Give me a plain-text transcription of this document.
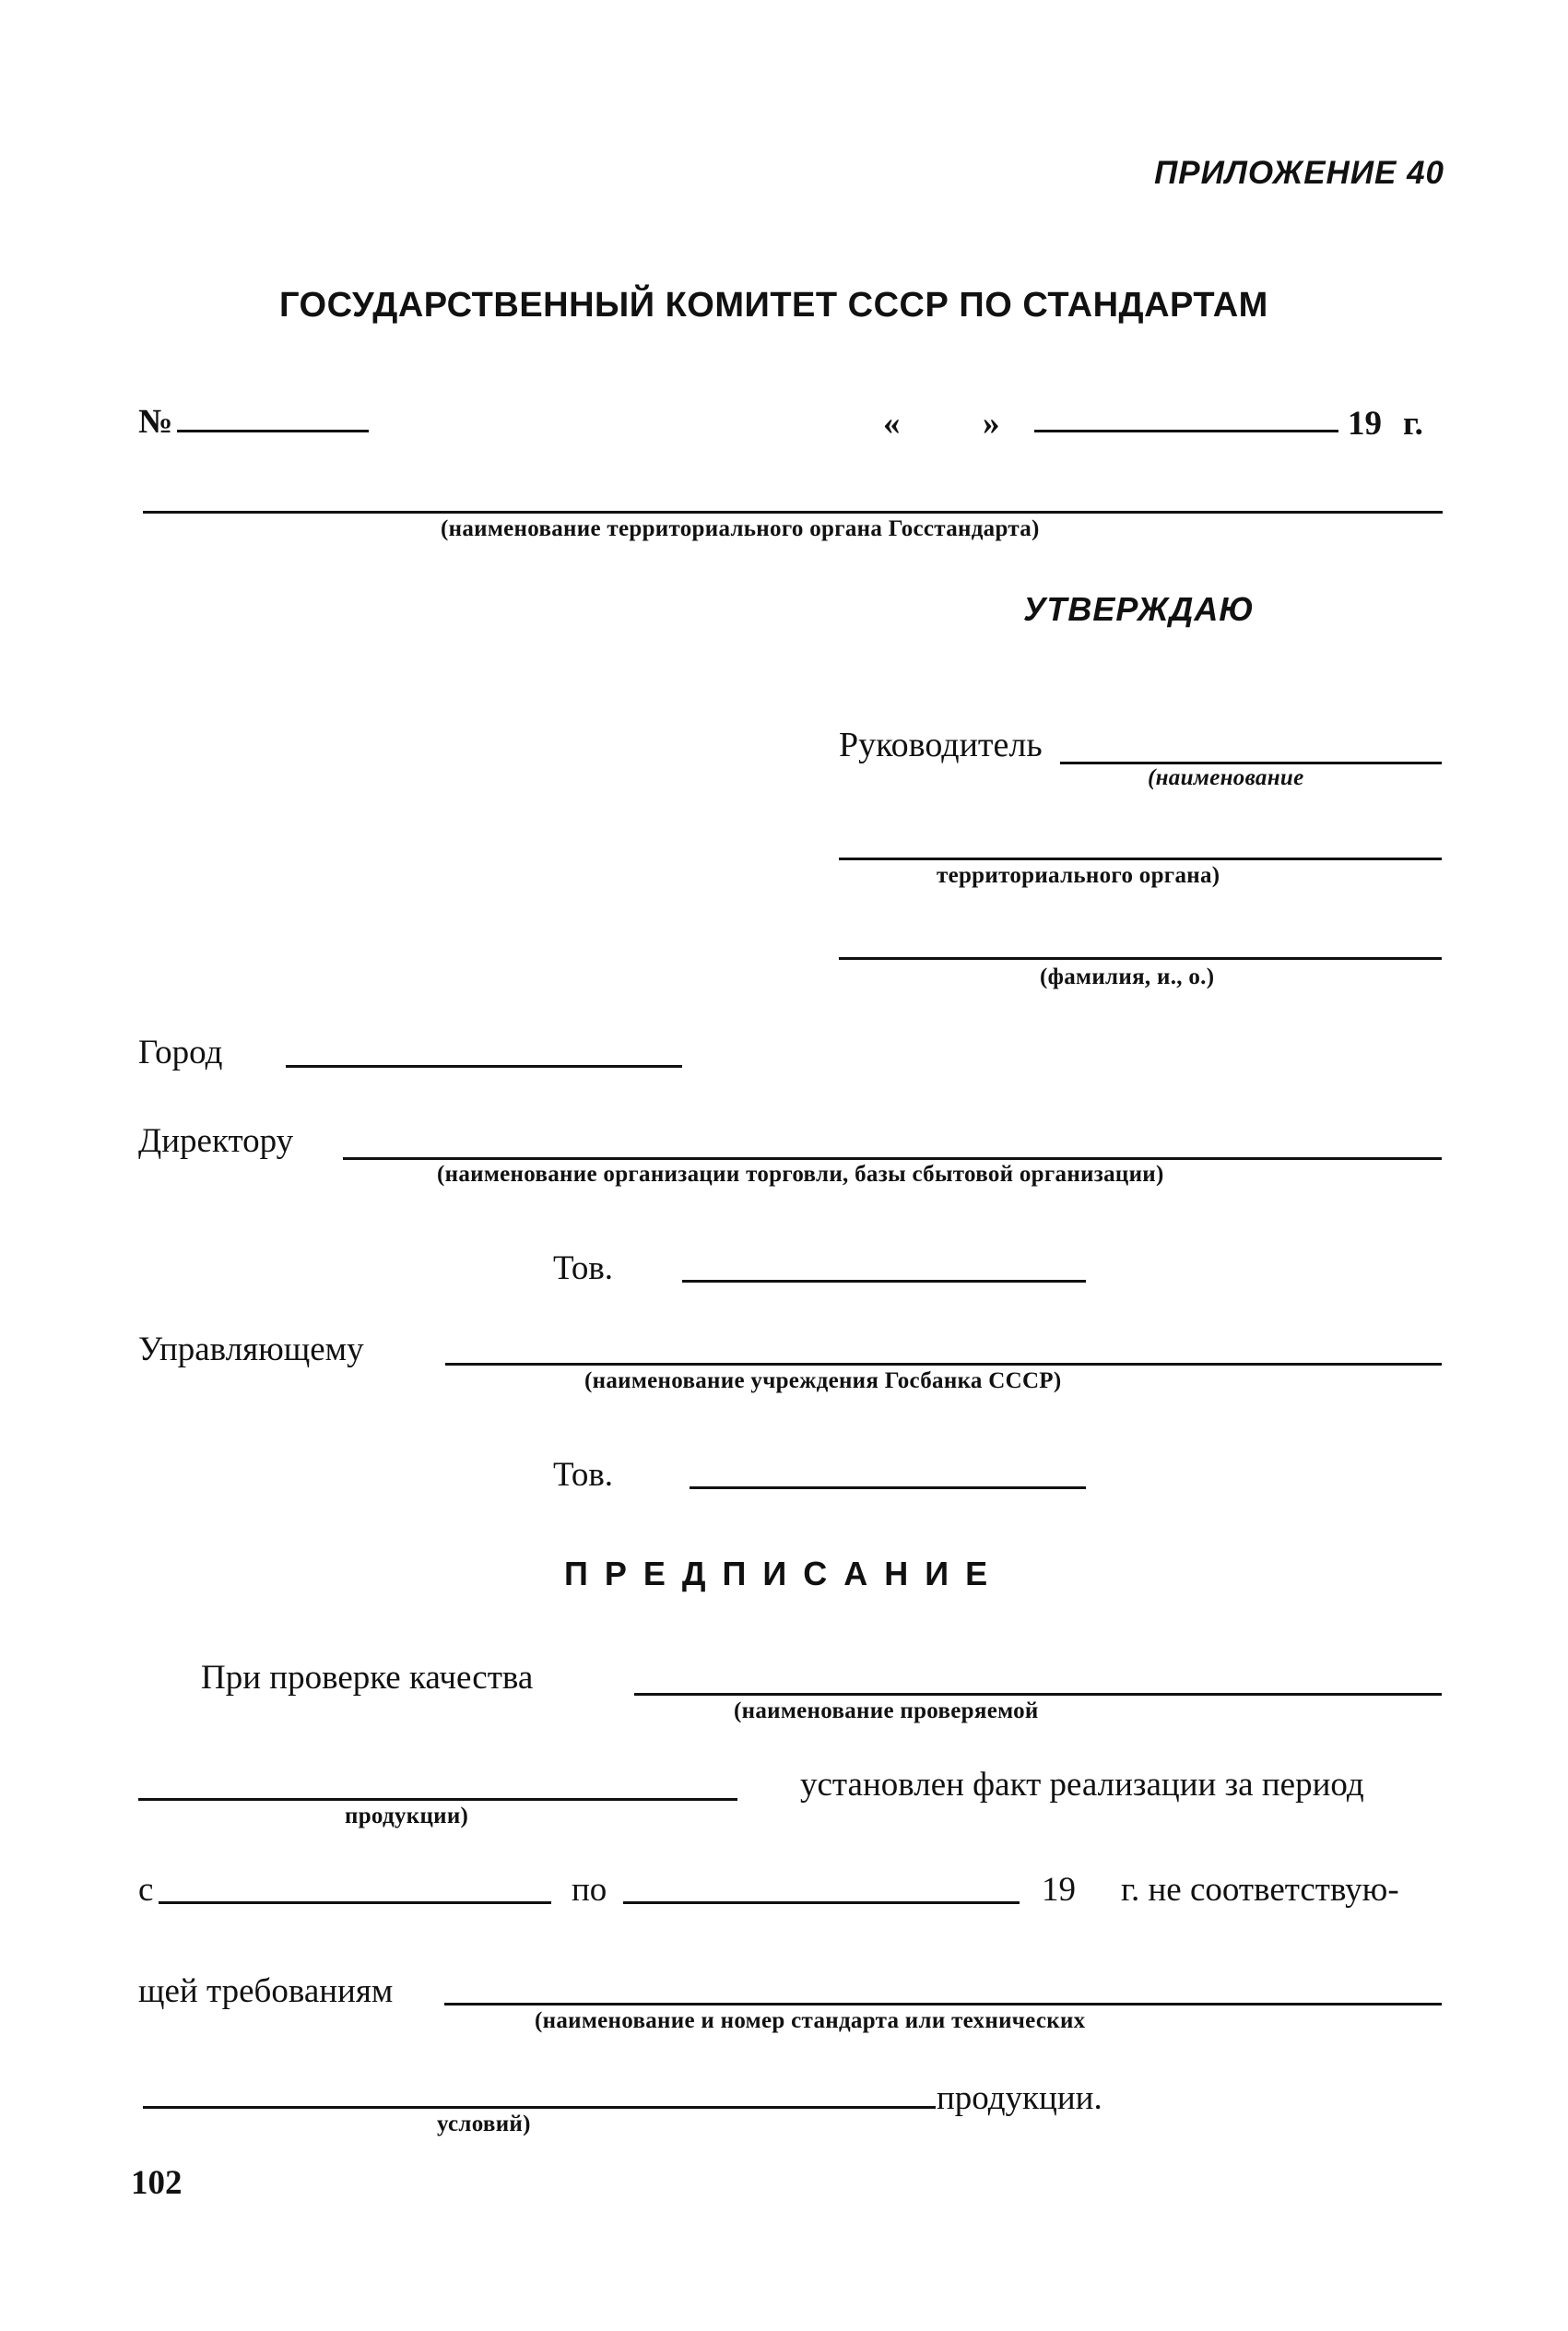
ПРИЛОЖЕНИЕ 40
ГОСУДАРСТВЕННЫЙ КОМИТЕТ СССР ПО СТАНДАРТАМ
№	« »	19 г.
(наименование территориального органа Госстандарта)
УТВЕРЖДАЮ
Руководитель
(наименование
территориального органа)
(фамилия, и., о.)
Город
Директору
(наименование организации торговли, базы сбытовой организации)
Тов.
Управляющему
(наименование учреждения Госбанка СССР)
Тов.
П Р Е Д П И С А Н И Е
При проверке качества
(наименование проверяемой
продукции)
установлен факт реализации за период
с	по	19 г. не соответствую-
щей требованиям
(наименование и номер стандарта или технических
условий)
продукции.
102
